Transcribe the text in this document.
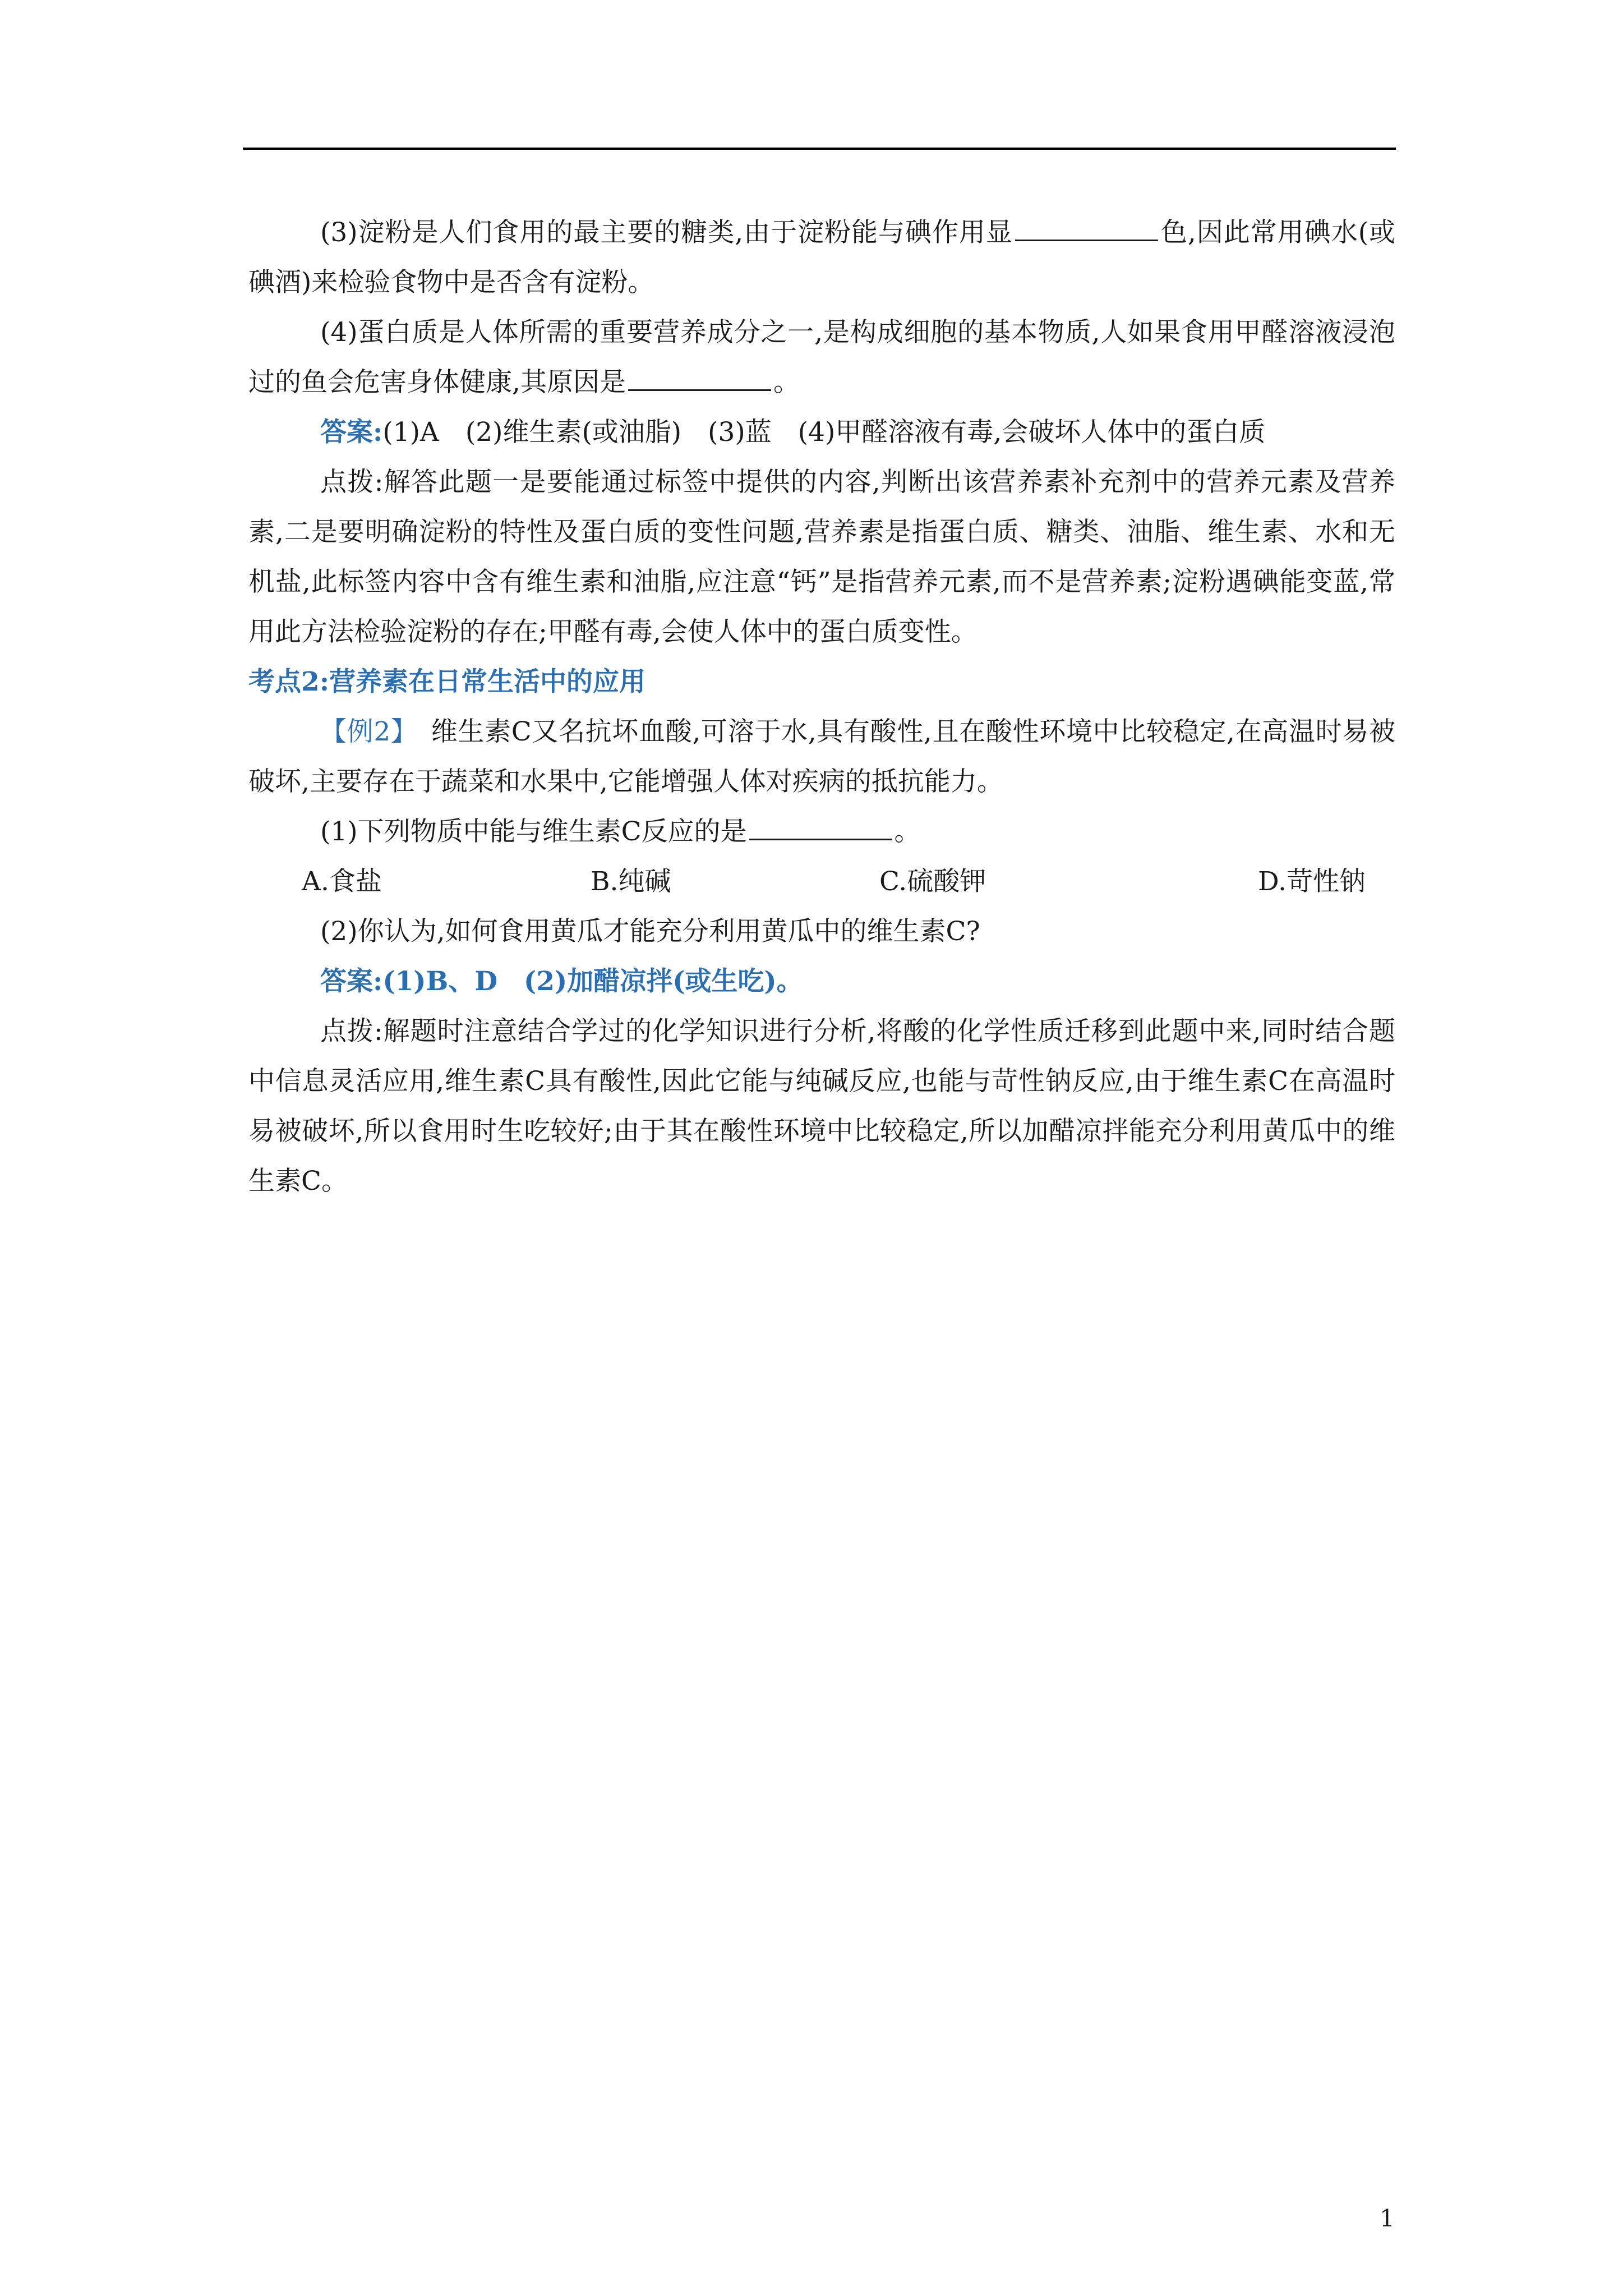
(3)淀粉是人们食用的最主要的糖类,由于淀粉能与碘作用显	色,因此常用碘水(或碘酒)来检验食物中是否含有淀粉。

(4)蛋白质是人体所需的重要营养成分之一,是构成细胞的基本物质,人如果食用甲醛溶液浸泡过的鱼会危害身体健康,其原因是	。

答案:(1)A　(2)维生素(或油脂)　(3)蓝　(4)甲醛溶液有毒,会破坏人体中的蛋白质

点拨:解答此题一是要能通过标签中提供的内容,判断出该营养素补充剂中的营养元素及营养素,二是要明确淀粉的特性及蛋白质的变性问题,营养素是指蛋白质、糖类、油脂、维生素、水和无机盐,此标签内容中含有维生素和油脂,应注意“钙”是指营养元素,而不是营养素;淀粉遇碘能变蓝,常用此方法检验淀粉的存在;甲醛有毒,会使人体中的蛋白质变性。

考点2:营养素在日常生活中的应用

【例2】　维生素C又名抗坏血酸,可溶于水,具有酸性,且在酸性环境中比较稳定,在高温时易被破坏,主要存在于蔬菜和水果中,它能增强人体对疾病的抵抗能力。

(1)下列物质中能与维生素C反应的是	。

A.食盐	B.纯碱	C.硫酸钾	D.苛性钠

(2)你认为,如何食用黄瓜才能充分利用黄瓜中的维生素C?

答案:(1)B、D　(2)加醋凉拌(或生吃)。

点拨:解题时注意结合学过的化学知识进行分析,将酸的化学性质迁移到此题中来,同时结合题中信息灵活应用,维生素C具有酸性,因此它能与纯碱反应,也能与苛性钠反应,由于维生素C在高温时易被破坏,所以食用时生吃较好;由于其在酸性环境中比较稳定,所以加醋凉拌能充分利用黄瓜中的维生素C。

1
